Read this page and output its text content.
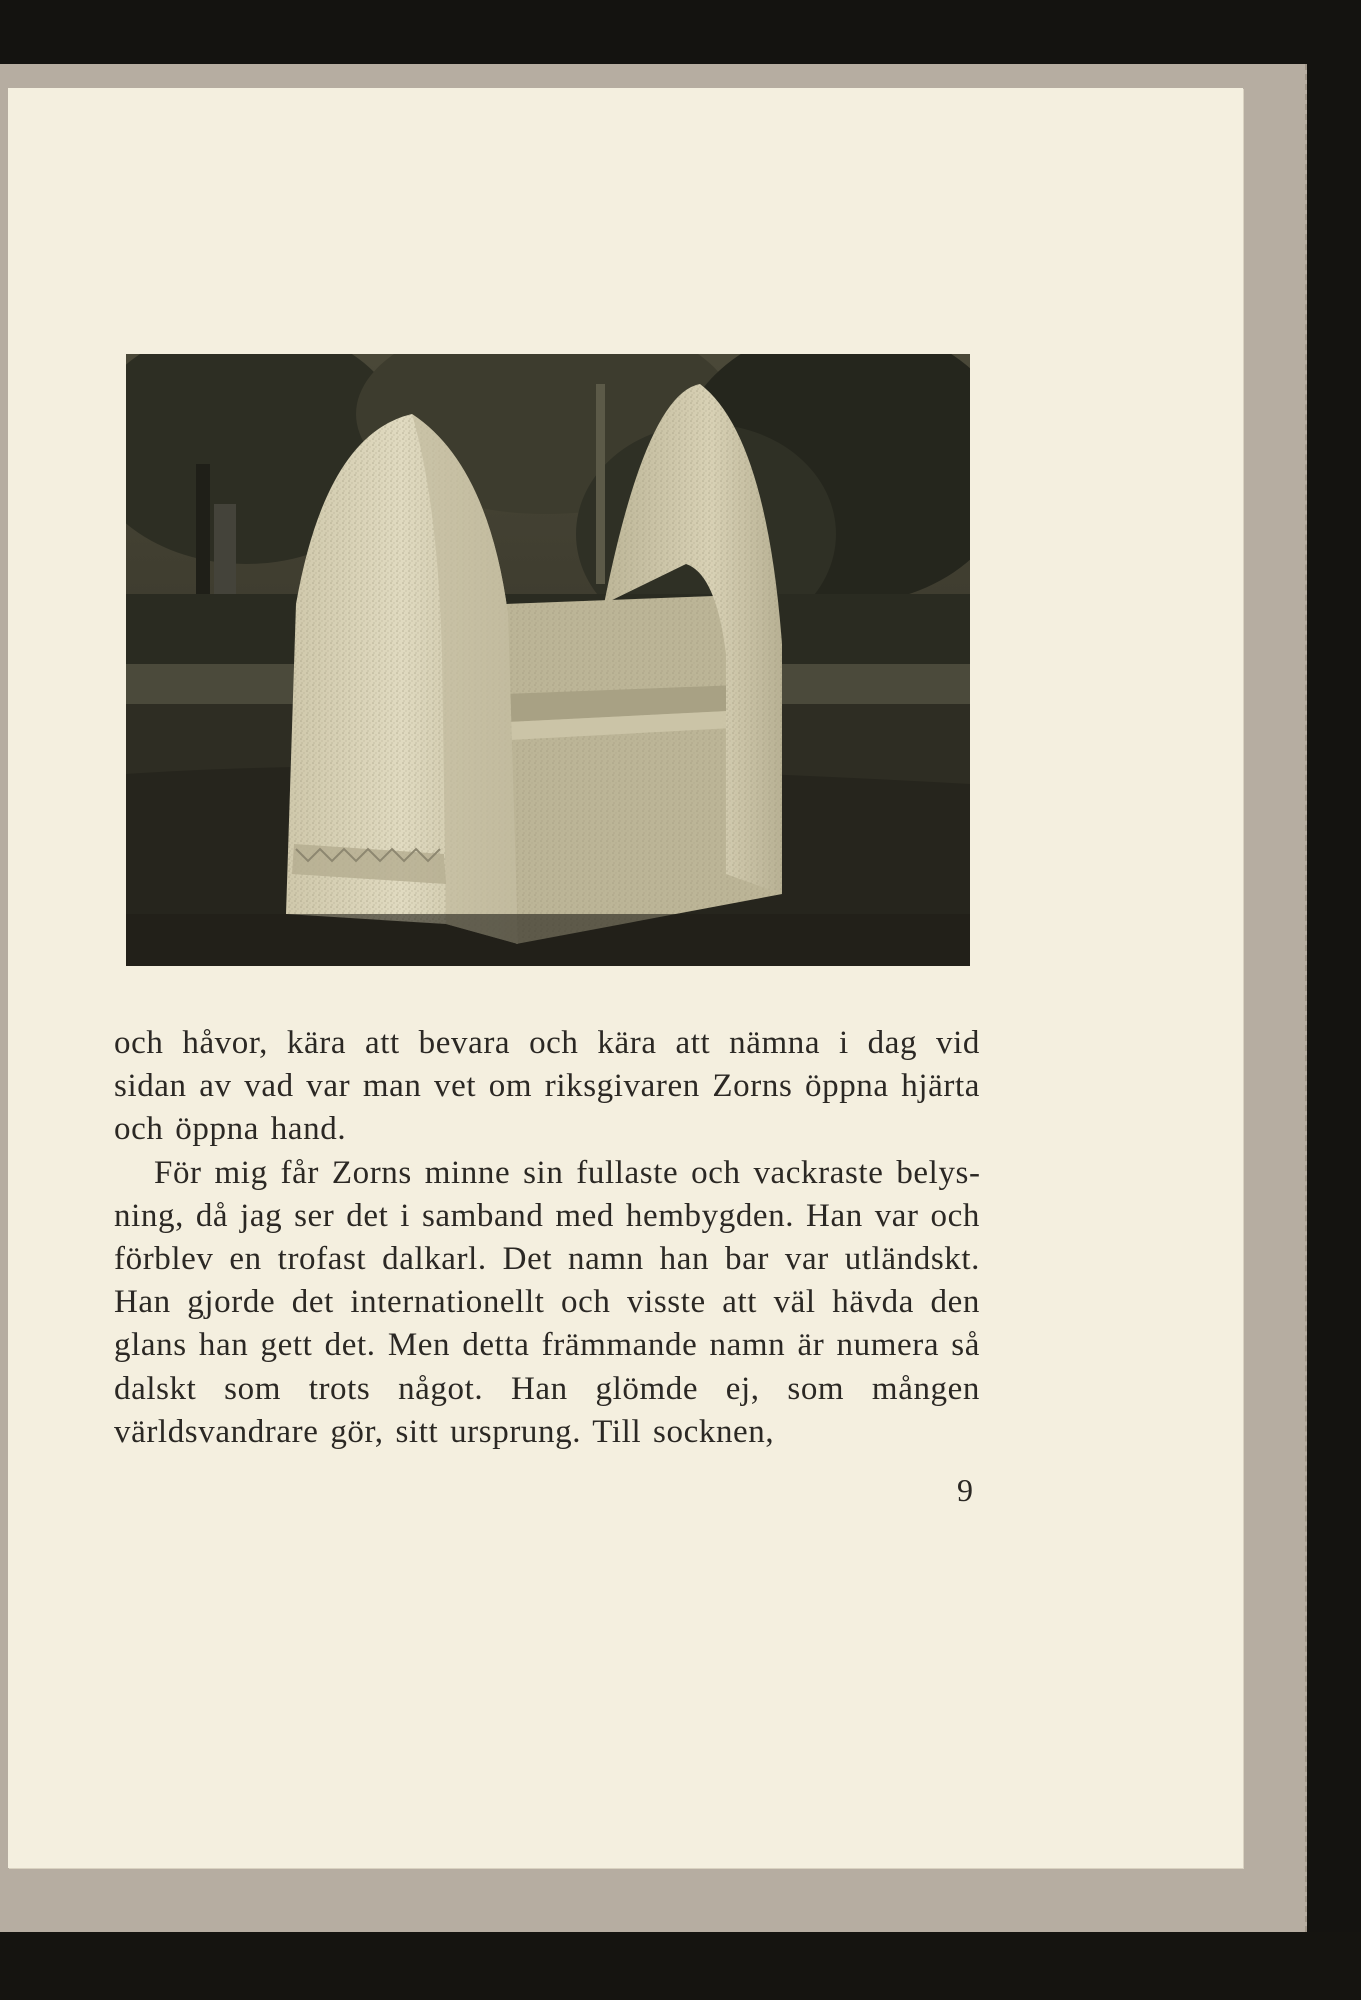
och håvor, kära att bevara och kära att nämna i dag vid sidan av vad var man vet om riksgivaren Zorns öppna hjärta och öppna hand.

För mig får Zorns minne sin fullaste och vackraste belysning, då jag ser det i samband med hembygden. Han var och förblev en trofast dalkarl. Det namn han bar var utländskt. Han gjorde det internationellt och visste att väl hävda den glans han gett det. Men detta främmande namn är numera så dalskt som trots något. Han glömde ej, som mången världsvandrare gör, sitt ursprung. Till socknen,

9
